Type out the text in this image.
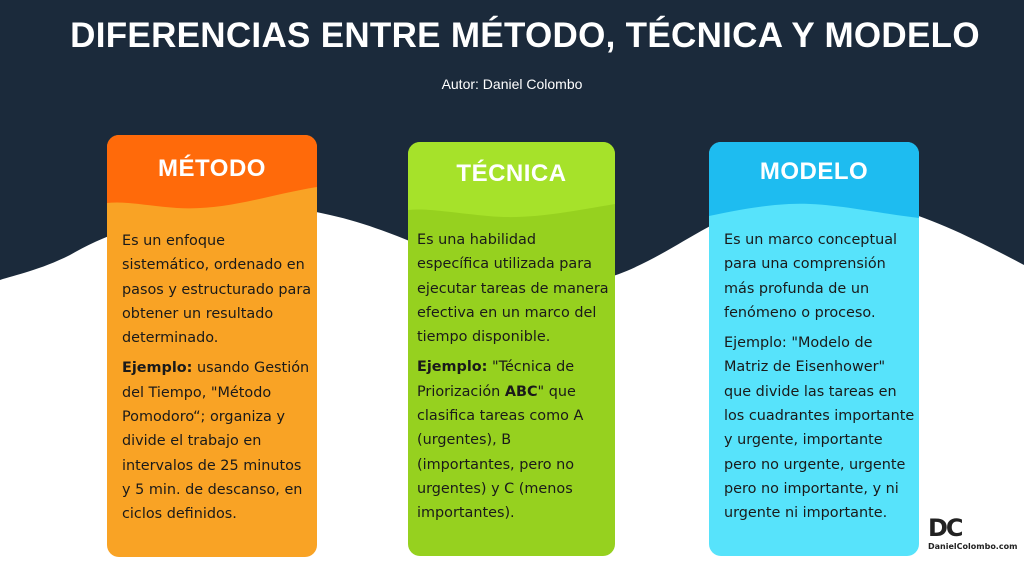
DIFERENCIAS ENTRE MÉTODO, TÉCNICA Y MODELO
Autor: Daniel Colombo
MÉTODO

Es un enfoque sistemático, ordenado en pasos y estructurado para obtener un resultado determinado.

Ejemplo: usando Gestión del Tiempo, "Método Pomodoro“; organiza y divide el trabajo en intervalos de 25 minutos y 5 min. de descanso, en ciclos definidos.

TÉCNICA

Es una habilidad específica utilizada para ejecutar tareas de manera efectiva en un marco del tiempo disponible.

Ejemplo: "Técnica de Priorización ABC" que clasifica tareas como A (urgentes), B (importantes, pero no urgentes) y C (menos importantes).

MODELO

Es un marco conceptual para una comprensión más profunda de un fenómeno o proceso.

Ejemplo: "Modelo de Matriz de Eisenhower" que divide las tareas en los cuadrantes importante y urgente, importante pero no urgente, urgente pero no importante, y ni urgente ni importante.

DC
DanielColombo.com
